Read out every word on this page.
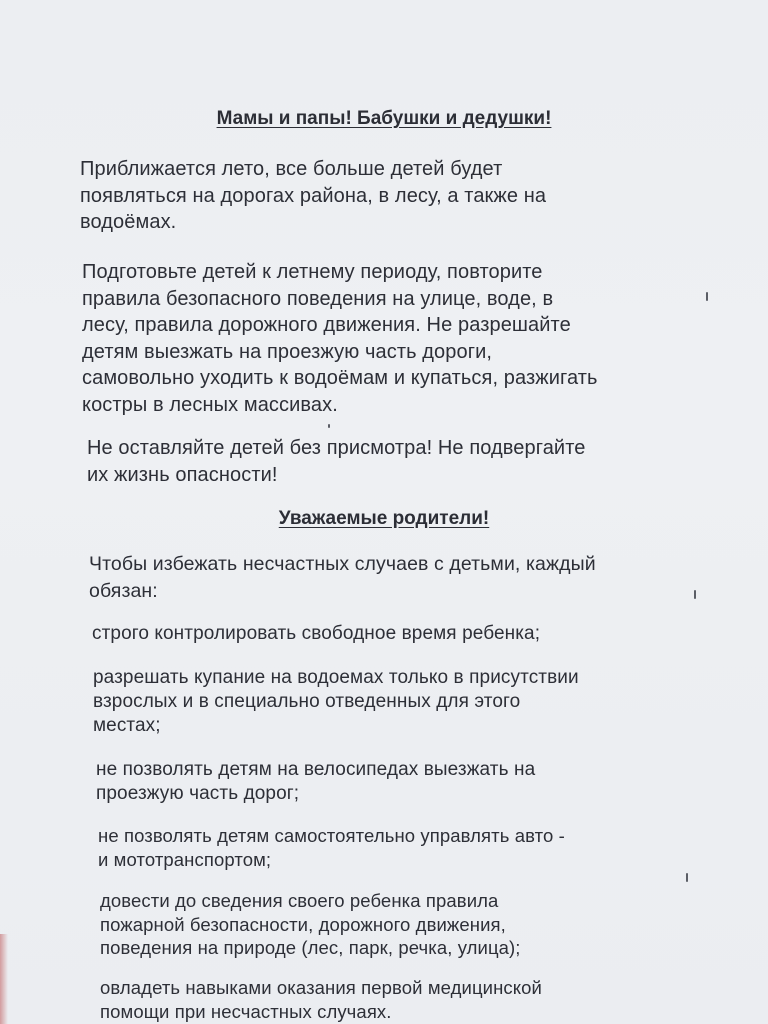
Мамы и папы! Бабушки и дедушки!

Приближается лето, все больше детей будет
появляться на дорогах района, в лесу, а также на
водоёмах.

Подготовьте детей к летнему периоду, повторите
правила безопасного поведения на улице, воде, в
лесу, правила дорожного движения. Не разрешайте
детям выезжать на проезжую часть дороги,
самовольно уходить к водоёмам и купаться, разжигать
костры в лесных массивах.

Не оставляйте детей без присмотра! Не подвергайте
их жизнь опасности!

Уважаемые родители!

Чтобы избежать несчастных случаев с детьми, каждый
обязан:

строго контролировать свободное время ребенка;

разрешать купание на водоемах только в присутствии
взрослых и в специально отведенных для этого
местах;

не позволять детям на велосипедах выезжать на
проезжую часть дорог;

не позволять детям самостоятельно управлять авто -
и мототранспортом;

довести до сведения своего ребенка правила
пожарной безопасности, дорожного движения,
поведения на природе (лес, парк, речка, улица);

овладеть навыками оказания первой медицинской
помощи при несчастных случаях.
